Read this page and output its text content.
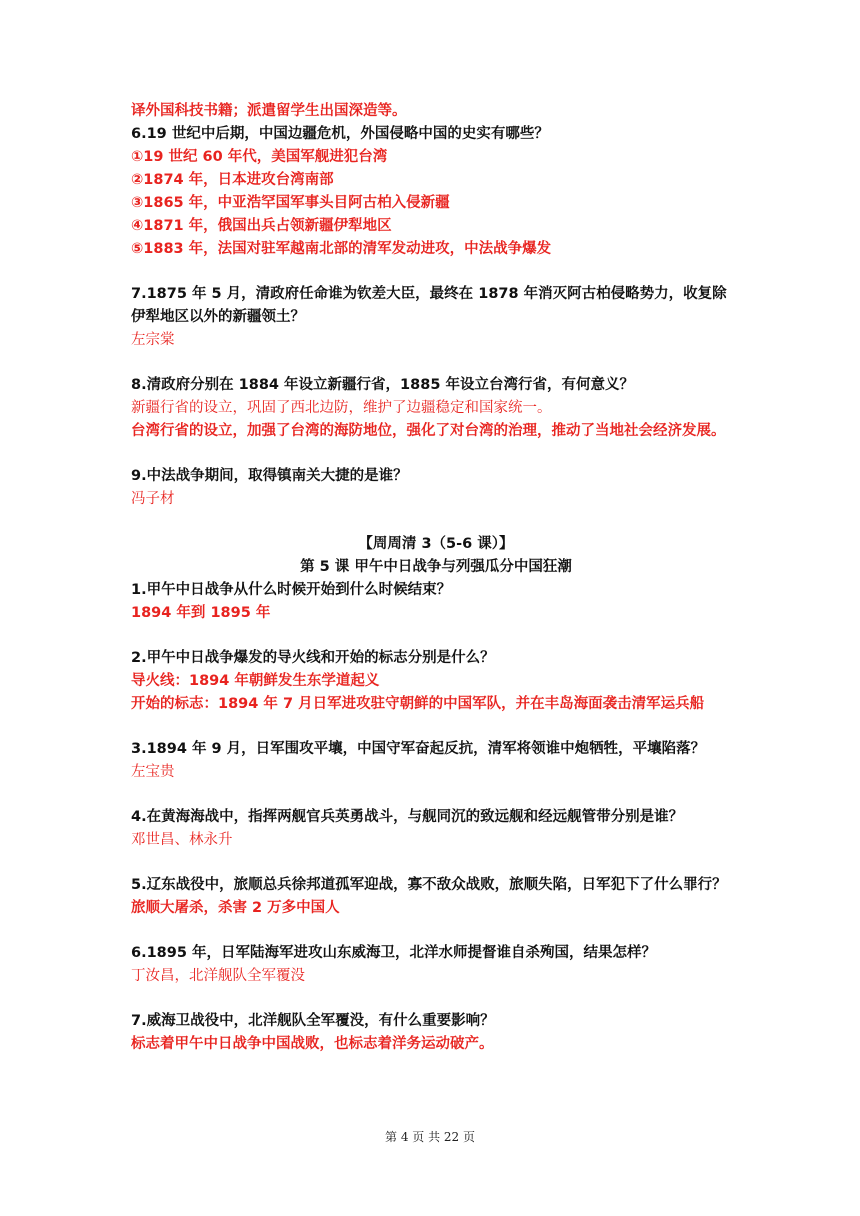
译外国科技书籍；派遣留学生出国深造等。
6.19 世纪中后期，中国边疆危机，外国侵略中国的史实有哪些？
①19 世纪 60 年代，美国军舰进犯台湾
②1874 年，日本进攻台湾南部
③1865 年，中亚浩罕国军事头目阿古柏入侵新疆
④1871 年，俄国出兵占领新疆伊犁地区
⑤1883 年，法国对驻军越南北部的清军发动进攻，中法战争爆发
7.1875 年 5 月，清政府任命谁为钦差大臣，最终在 1878 年消灭阿古柏侵略势力，收复除伊犁地区以外的新疆领土？
左宗棠
8.清政府分别在 1884 年设立新疆行省，1885 年设立台湾行省，有何意义？
新疆行省的设立，巩固了西北边防，维护了边疆稳定和国家统一。
台湾行省的设立，加强了台湾的海防地位，强化了对台湾的治理，推动了当地社会经济发展。
9.中法战争期间，取得镇南关大捷的是谁？
冯子材
【周周清 3（5-6 课）】
第 5 课 甲午中日战争与列强瓜分中国狂潮
1.甲午中日战争从什么时候开始到什么时候结束？
1894 年到 1895 年
2.甲午中日战争爆发的导火线和开始的标志分别是什么？
导火线：1894 年朝鲜发生东学道起义
开始的标志：1894 年 7 月日军进攻驻守朝鲜的中国军队，并在丰岛海面袭击清军运兵船
3.1894 年 9 月，日军围攻平壤，中国守军奋起反抗，清军将领谁中炮牺牲，平壤陷落？
左宝贵
4.在黄海海战中，指挥两舰官兵英勇战斗，与舰同沉的致远舰和经远舰管带分别是谁？
邓世昌、林永升
5.辽东战役中，旅顺总兵徐邦道孤军迎战，寡不敌众战败，旅顺失陷，日军犯下了什么罪行？
旅顺大屠杀，杀害 2 万多中国人
6.1895 年，日军陆海军进攻山东威海卫，北洋水师提督谁自杀殉国，结果怎样？
丁汝昌，北洋舰队全军覆没
7.威海卫战役中，北洋舰队全军覆没，有什么重要影响？
标志着甲午中日战争中国战败，也标志着洋务运动破产。
第 4 页 共 22 页
